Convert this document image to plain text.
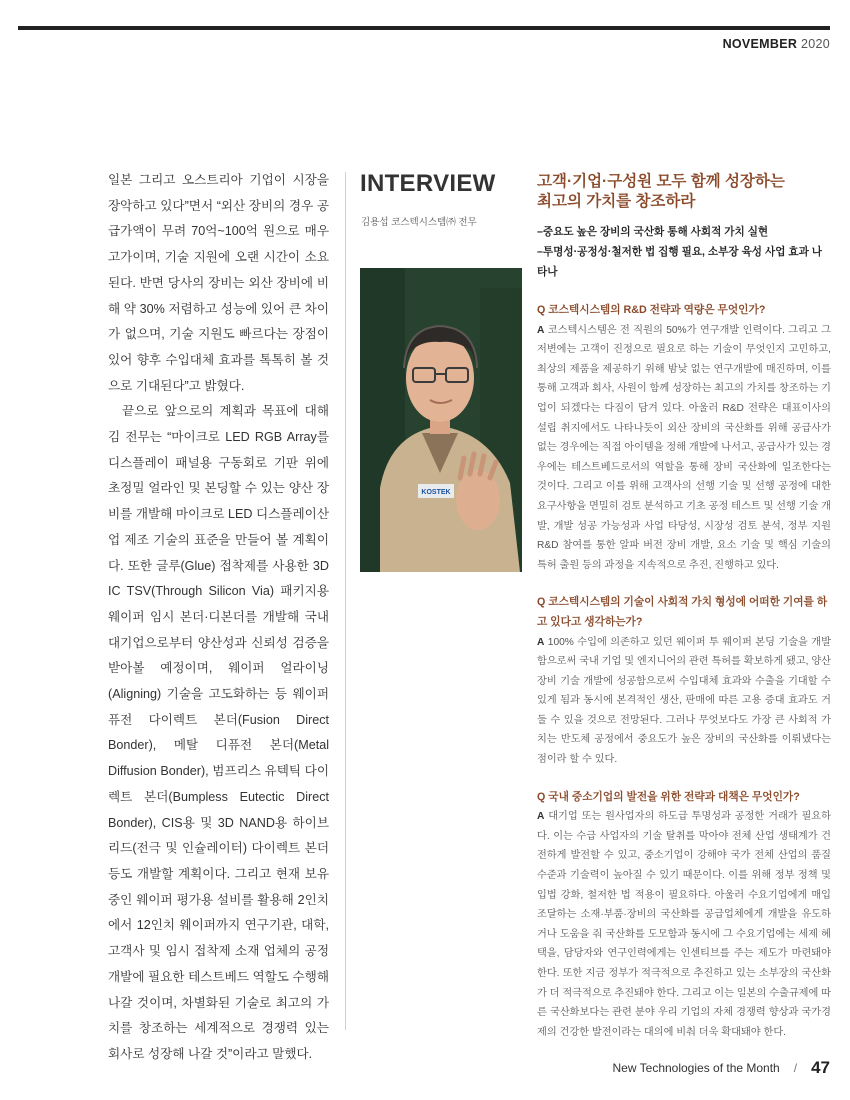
NOVEMBER 2020

일본 그리고 오스트리아 기업이 시장을 장악하고 있다”면서 “외산 장비의 경우 공급가액이 무려 70억~100억 원으로 매우 고가이며, 기술 지원에 오랜 시간이 소요된다. 반면 당사의 장비는 외산 장비에 비해 약 30% 저렴하고 성능에 있어 큰 차이가 없으며, 기술 지원도 빠르다는 장점이 있어 향후 수입대체 효과를 톡톡히 볼 것으로 기대된다”고 밝혔다.

끝으로 앞으로의 계획과 목표에 대해 김 전무는 “마이크로 LED RGB Array를 디스플레이 패널용 구동회로 기판 위에 초정밀 얼라인 및 본딩할 수 있는 양산 장비를 개발해 마이크로 LED 디스플레이산업 제조 기술의 표준을 만들어 볼 계획이다. 또한 글루(Glue) 접착제를 사용한 3D IC TSV(Through Silicon Via) 패키지용 웨이퍼 임시 본더·디본더를 개발해 국내 대기업으로부터 양산성과 신뢰성 검증을 받아볼 예정이며, 웨이퍼 얼라이닝(Aligning) 기술을 고도화하는 등 웨이퍼 퓨전 다이렉트 본더(Fusion Direct Bonder), 메탈 디퓨전 본더(Metal Diffusion Bonder), 범프리스 유텍틱 다이렉트 본더(Bumpless Eutectic Direct Bonder), CIS용 및 3D NAND용 하이브리드(전극 및 인슐레이터) 다이렉트 본더 등도 개발할 계획이다. 그리고 현재 보유 중인 웨이퍼 평가용 설비를 활용해 2인치에서 12인치 웨이퍼까지 연구기관, 대학, 고객사 및 임시 접착제 소재 업체의 공정 개발에 필요한 테스트베드 역할도 수행해 나갈 것이며, 차별화된 기술로 최고의 가치를 창조하는 세계적으로 경쟁력 있는 회사로 성장해 나갈 것”이라고 말했다.

INTERVIEW
김용섭 코스텍시스템㈜ 전무
KOSTEK

고객·기업·구성원 모두 함께 성장하는
최고의 가치를 창조하라

–중요도 높은 장비의 국산화 통해 사회적 가치 실현

–투명성·공정성·철저한 법 집행 필요, 소부장 육성 사업 효과 나타나

Q 코스텍시스템의 R&D 전략과 역량은 무엇인가?

A 코스텍시스템은 전 직원의 50%가 연구개발 인력이다. 그리고 그 저변에는 고객이 진정으로 필요로 하는 기술이 무엇인지 고민하고, 최상의 제품을 제공하기 위해 밤낮 없는 연구개발에 매진하며, 이를 통해 고객과 회사, 사원이 함께 성장하는 최고의 가치를 창조하는 기업이 되겠다는 다짐이 담겨 있다. 아울러 R&D 전략은 대표이사의 설립 취지에서도 나타나듯이 외산 장비의 국산화를 위해 공급사가 없는 경우에는 직접 아이템을 정해 개발에 나서고, 공급사가 있는 경우에는 테스트베드로서의 역할을 통해 장비 국산화에 일조한다는 것이다. 그리고 이를 위해 고객사의 선행 기술 및 선행 공정에 대한 요구사항을 면밀히 검토 분석하고 기초 공정 테스트 및 선행 기술 개발, 개발 성공 가능성과 사업 타당성, 시장성 검토 분석, 정부 지원 R&D 참여를 통한 알파 버전 장비 개발, 요소 기술 및 핵심 기술의 특허 출원 등의 과정을 지속적으로 추진, 진행하고 있다.

Q 코스텍시스템의 기술이 사회적 가치 형성에 어떠한 기여를 하고 있다고 생각하는가?

A 100% 수입에 의존하고 있던 웨이퍼 투 웨이퍼 본딩 기술을 개발함으로써 국내 기업 및 엔지니어의 관련 특허를 확보하게 됐고, 양산 장비 기술 개발에 성공함으로써 수입대체 효과와 수출을 기대할 수 있게 됨과 동시에 본격적인 생산, 판매에 따른 고용 증대 효과도 거둘 수 있을 것으로 전망된다. 그러나 무엇보다도 가장 큰 사회적 가치는 반도체 공정에서 중요도가 높은 장비의 국산화를 이뤄냈다는 점이라 할 수 있다.

Q 국내 중소기업의 발전을 위한 전략과 대책은 무엇인가?

A 대기업 또는 원사업자의 하도급 투명성과 공정한 거래가 필요하다. 이는 수급 사업자의 기술 탈취를 막아야 전체 산업 생태계가 건전하게 발전할 수 있고, 중소기업이 강해야 국가 전체 산업의 품질 수준과 기술력이 높아질 수 있기 때문이다. 이를 위해 정부 정책 및 입법 강화, 철저한 법 적용이 필요하다. 아울러 수요기업에게 매입 조달하는 소재·부품·장비의 국산화를 공급업체에게 개발을 유도하거나 도움을 줘 국산화를 도모함과 동시에 그 수요기업에는 세제 혜택을, 담당자와 연구인력에게는 인센티브를 주는 제도가 마련돼야 한다. 또한 지금 정부가 적극적으로 추진하고 있는 소부장의 국산화가 더 적극적으로 추진돼야 한다. 그리고 이는 일본의 수출규제에 따른 국산화보다는 관련 분야 우리 기업의 자체 경쟁력 향상과 국가경제의 건강한 발전이라는 대의에 비춰 더욱 확대돼야 한다.

New Technologies of the Month / 47
